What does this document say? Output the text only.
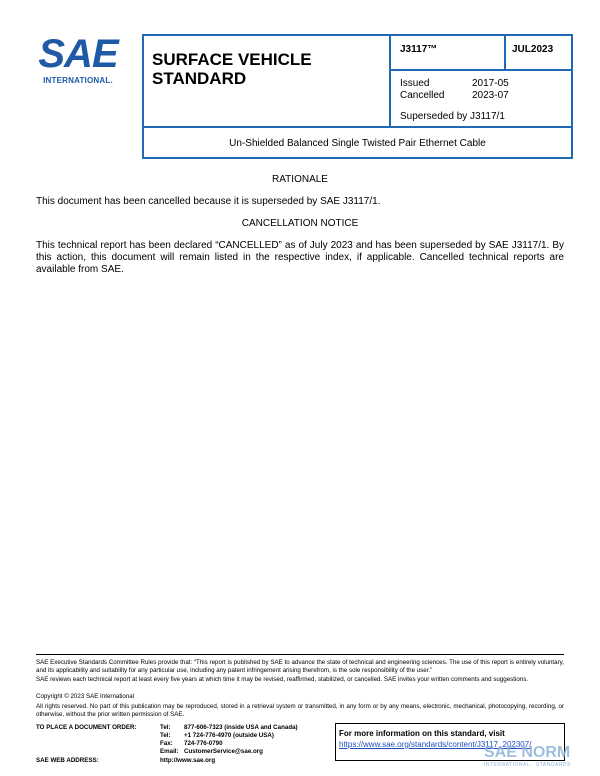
SAE
INTERNATIONAL.
SURFACE VEHICLE
STANDARD
J3117™	JUL2023
Issued	2017-05
Cancelled	2023-07
Superseded by J3117/1
Un-Shielded Balanced Single Twisted Pair Ethernet Cable
RATIONALE
This document has been cancelled because it is superseded by SAE J3117/1.
CANCELLATION NOTICE
This technical report has been declared “CANCELLED” as of July 2023 and has been superseded by SAE J3117/1. By this action, this document will remain listed in the respective index, if applicable. Cancelled technical reports are available from SAE.
SAE Executive Standards Committee Rules provide that: “This report is published by SAE to advance the state of technical and engineering sciences. The use of this report is entirely voluntary, and its applicability and suitability for any particular use, including any patent infringement arising therefrom, is the sole responsibility of the user.”
SAE reviews each technical report at least every five years at which time it may be revised, reaffirmed, stabilized, or cancelled. SAE invites your written comments and suggestions.
Copyright © 2023 SAE International
All rights reserved. No part of this publication may be reproduced, stored in a retrieval system or transmitted, in any form or by any means, electronic, mechanical, photocopying, recording, or otherwise, without the prior written permission of SAE.
TO PLACE A DOCUMENT ORDER:	Tel: 877-606-7323 (inside USA and Canada)
Tel: +1 724-776-4970 (outside USA)
Fax: 724-776-0790
Email: CustomerService@sae.org
SAE WEB ADDRESS:	http://www.sae.org
For more information on this standard, visit
https://www.sae.org/standards/content/J3117_202307/
SAE NORM
INTERNATIONAL · STANDARDS
